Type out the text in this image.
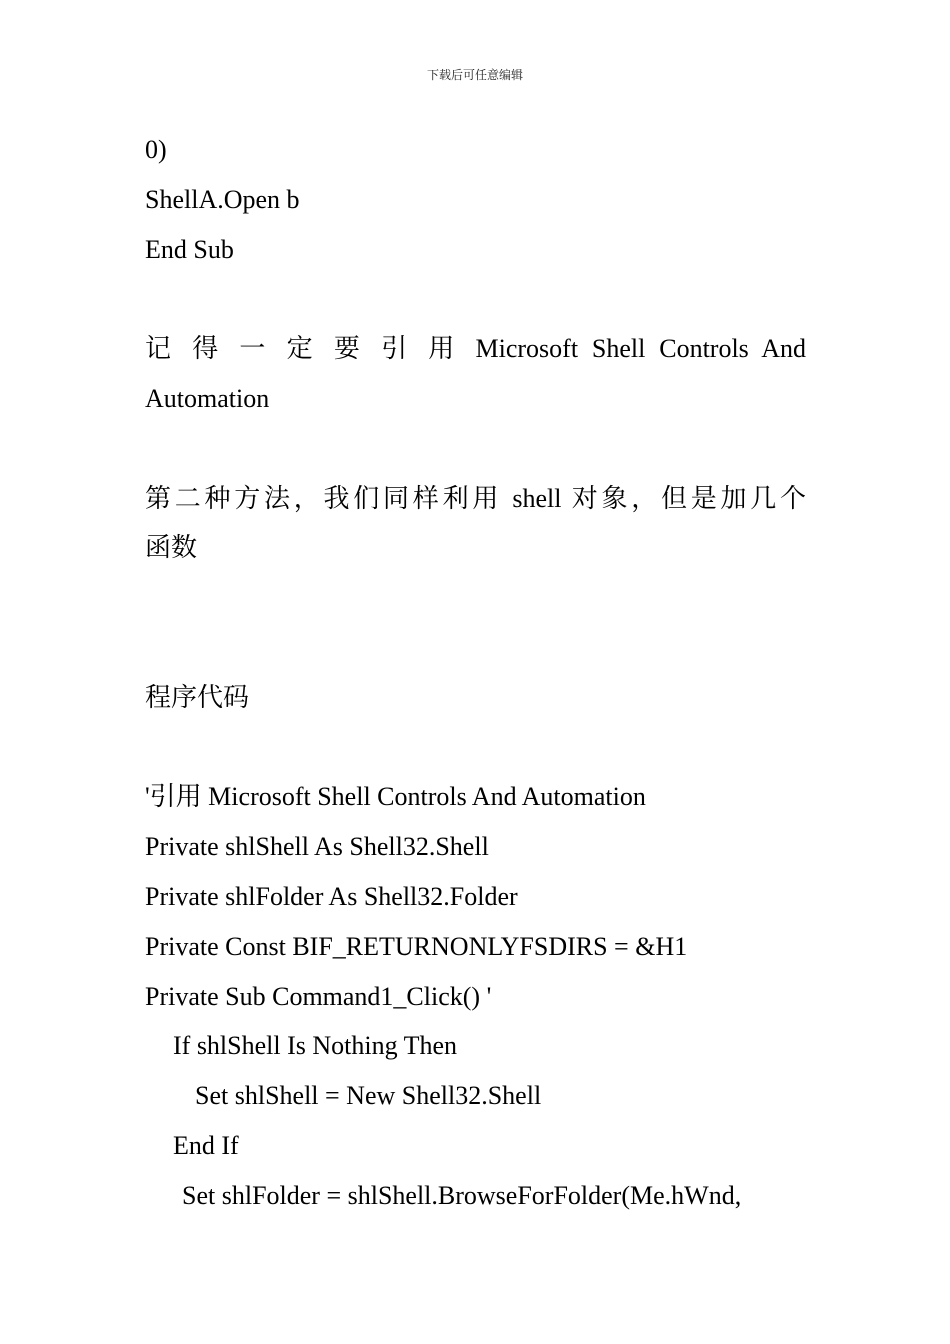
下载后可任意编辑
0)
ShellA.Open b
End Sub
记 得 一 定 要 引 用 Microsoft Shell Controls And
Automation
第二种方法，我们同样利用 shell 对象，但是加几个
函数
程序代码
'引用 Microsoft Shell Controls And Automation
Private shlShell As Shell32.Shell
Private shlFolder As Shell32.Folder
Private Const BIF_RETURNONLYFSDIRS = &H1
Private Sub Command1_Click() '
If shlShell Is Nothing Then
Set shlShell = New Shell32.Shell
End If
Set shlFolder = shlShell.BrowseForFolder(Me.hWnd,
